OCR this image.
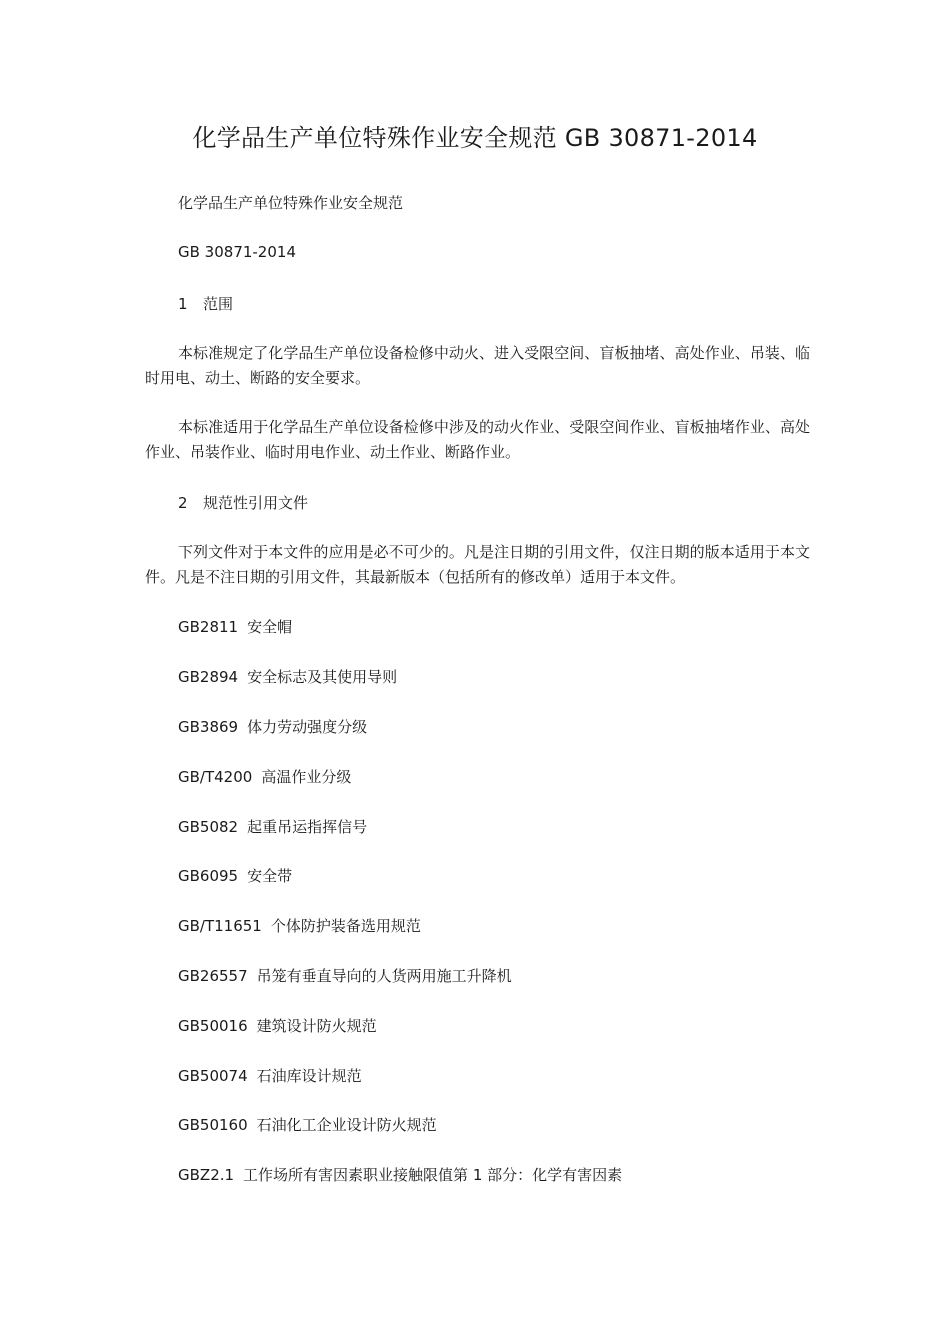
化学品生产单位特殊作业安全规范 GB 30871-2014
化学品生产单位特殊作业安全规范
GB 30871-2014
1 范围
本标准规定了化学品生产单位设备检修中动火、进入受限空间、盲板抽堵、高处作业、吊装、临时用电、动土、断路的安全要求。
本标准适用于化学品生产单位设备检修中涉及的动火作业、受限空间作业、盲板抽堵作业、高处作业、吊装作业、临时用电作业、动土作业、断路作业。
2 规范性引用文件
下列文件对于本文件的应用是必不可少的。凡是注日期的引用文件，仅注日期的版本适用于本文件。凡是不注日期的引用文件，其最新版本（包括所有的修改单）适用于本文件。
GB2811 安全帽
GB2894 安全标志及其使用导则
GB3869 体力劳动强度分级
GB/T4200 高温作业分级
GB5082 起重吊运指挥信号
GB6095 安全带
GB/T11651 个体防护装备选用规范
GB26557 吊笼有垂直导向的人货两用施工升降机
GB50016 建筑设计防火规范
GB50074 石油库设计规范
GB50160 石油化工企业设计防火规范
GBZ2.1 工作场所有害因素职业接触限值第 1 部分：化学有害因素
